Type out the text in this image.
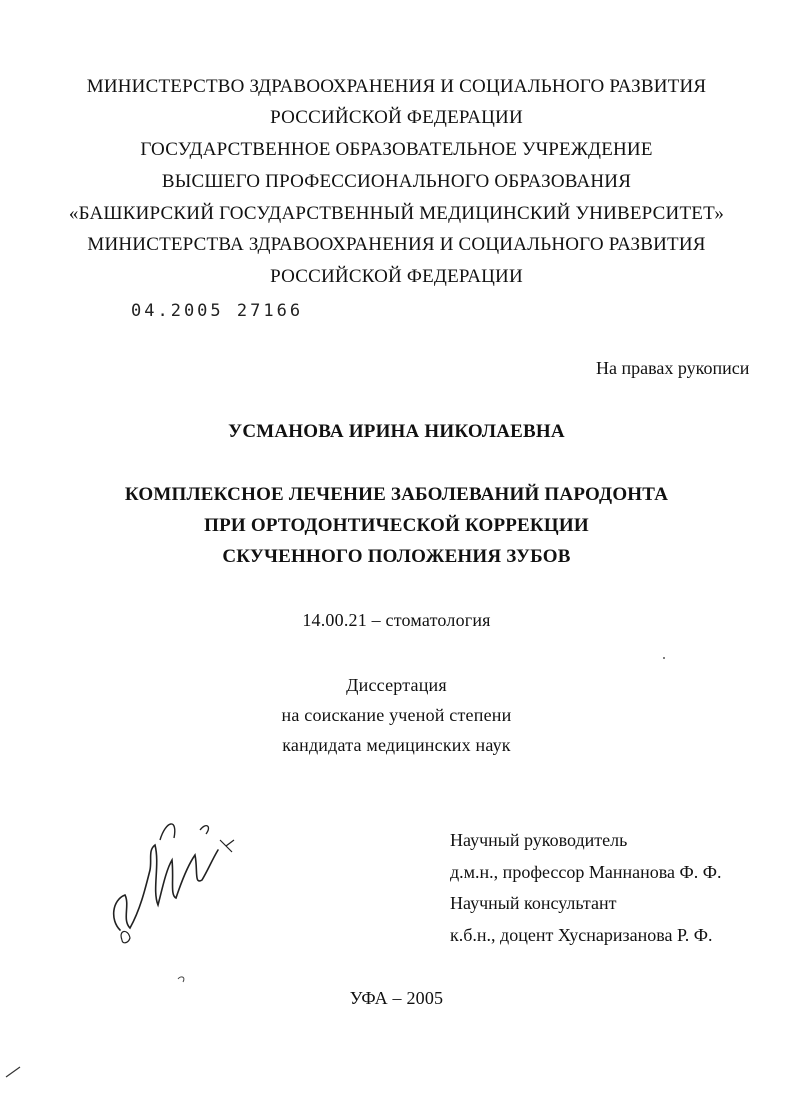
МИНИСТЕРСТВО ЗДРАВООХРАНЕНИЯ И СОЦИАЛЬНОГО РАЗВИТИЯ
РОССИЙСКОЙ ФЕДЕРАЦИИ
ГОСУДАРСТВЕННОЕ ОБРАЗОВАТЕЛЬНОЕ УЧРЕЖДЕНИЕ
ВЫСШЕГО ПРОФЕССИОНАЛЬНОГО ОБРАЗОВАНИЯ
«БАШКИРСКИЙ ГОСУДАРСТВЕННЫЙ МЕДИЦИНСКИЙ УНИВЕРСИТЕТ»
МИНИСТЕРСТВА ЗДРАВООХРАНЕНИЯ И СОЦИАЛЬНОГО РАЗВИТИЯ
РОССИЙСКОЙ ФЕДЕРАЦИИ
04.2005 27166
На правах рукописи
УСМАНОВА ИРИНА НИКОЛАЕВНА
КОМПЛЕКСНОЕ ЛЕЧЕНИЕ ЗАБОЛЕВАНИЙ ПАРОДОНТА
ПРИ ОРТОДОНТИЧЕСКОЙ КОРРЕКЦИИ
СКУЧЕННОГО ПОЛОЖЕНИЯ ЗУБОВ
14.00.21 – стоматология
Диссертация
на соискание ученой степени
кандидата медицинских наук
Научный руководитель
д.м.н., профессор Маннанова Ф. Ф.
Научный консультант
к.б.н., доцент Хуснаризанова Р. Ф.
УФА – 2005
